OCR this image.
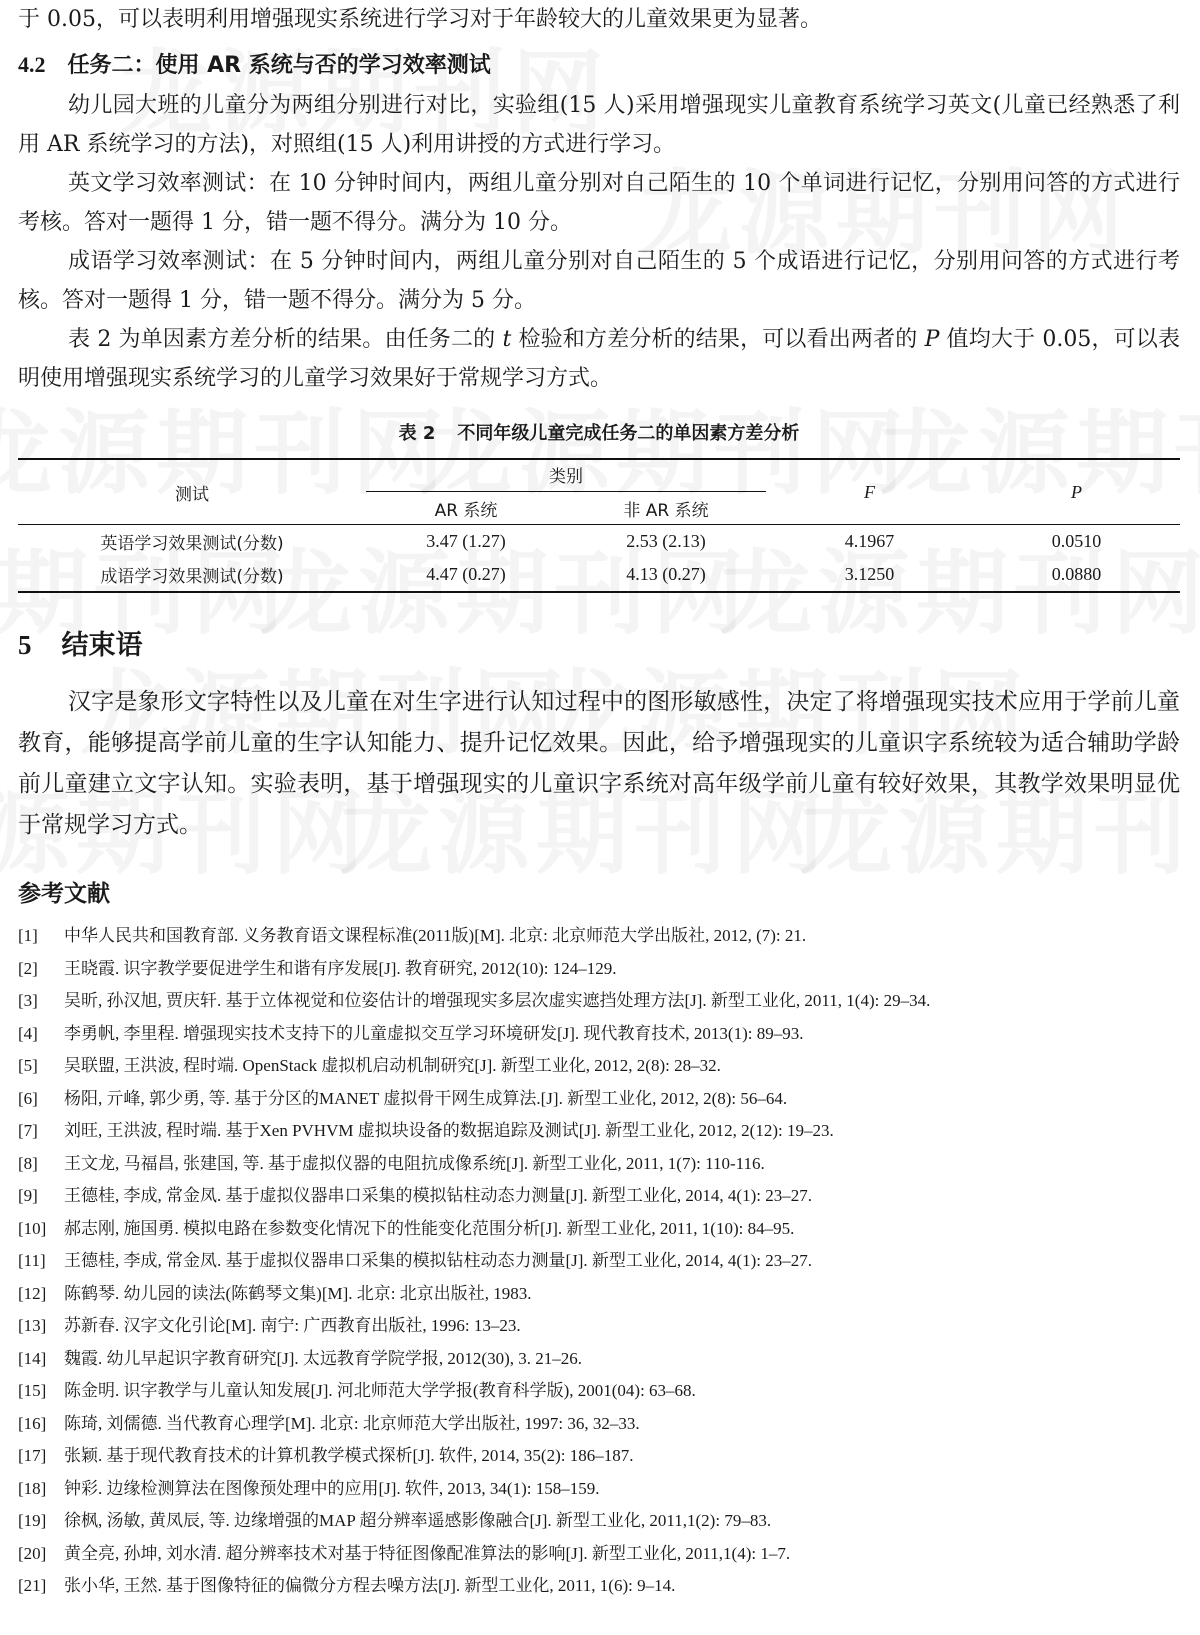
于 0.05，可以表明利用增强现实系统进行学习对于年龄较大的儿童效果更为显著。

4.2 任务二：使用 AR 系统与否的学习效率测试

幼儿园大班的儿童分为两组分别进行对比，实验组(15 人)采用增强现实儿童教育系统学习英文(儿童已经熟悉了利用 AR 系统学习的方法)，对照组(15 人)利用讲授的方式进行学习。

英文学习效率测试：在 10 分钟时间内，两组儿童分别对自己陌生的 10 个单词进行记忆，分别用问答的方式进行考核。答对一题得 1 分，错一题不得分。满分为 10 分。

成语学习效率测试：在 5 分钟时间内，两组儿童分别对自己陌生的 5 个成语进行记忆，分别用问答的方式进行考核。答对一题得 1 分，错一题不得分。满分为 5 分。

表 2 为单因素方差分析的结果。由任务二的 t 检验和方差分析的结果，可以看出两者的 P 值均大于 0.05，可以表明使用增强现实系统学习的儿童学习效果好于常规学习方式。

表 2 不同年级儿童完成任务二的单因素方差分析
测试	类别		F	P
	AR 系统	非 AR 系统		
英语学习效果测试(分数)	3.47 (1.27)	2.53 (2.13)	4.1967	0.0510
成语学习效果测试(分数)	4.47 (0.27)	4.13 (0.27)	3.1250	0.0880
5 结束语

汉字是象形文字特性以及儿童在对生字进行认知过程中的图形敏感性，决定了将增强现实技术应用于学前儿童教育，能够提高学前儿童的生字认知能力、提升记忆效果。因此，给予增强现实的儿童识字系统较为适合辅助学龄前儿童建立文字认知。实验表明，基于增强现实的儿童识字系统对高年级学前儿童有较好效果，其教学效果明显优于常规学习方式。

参考文献
[1] 中华人民共和国教育部. 义务教育语文课程标准(2011版)[M]. 北京: 北京师范大学出版社, 2012, (7): 21.
[2] 王晓霞. 识字教学要促进学生和谐有序发展[J]. 教育研究, 2012(10): 124–129.
[3] 吴昕, 孙汉旭, 贾庆轩. 基于立体视觉和位姿估计的增强现实多层次虚实遮挡处理方法[J]. 新型工业化, 2011, 1(4): 29–34.
[4] 李勇帆, 李里程. 增强现实技术支持下的儿童虚拟交互学习环境研发[J]. 现代教育技术, 2013(1): 89–93.
[5] 吴联盟, 王洪波, 程时端. OpenStack 虚拟机启动机制研究[J]. 新型工业化, 2012, 2(8): 28–32.
[6] 杨阳, 亓峰, 郭少勇, 等. 基于分区的MANET 虚拟骨干网生成算法.[J]. 新型工业化, 2012, 2(8): 56–64.
[7] 刘旺, 王洪波, 程时端. 基于Xen PVHVM 虚拟块设备的数据追踪及测试[J]. 新型工业化, 2012, 2(12): 19–23.
[8] 王文龙, 马福昌, 张建国, 等. 基于虚拟仪器的电阻抗成像系统[J]. 新型工业化, 2011, 1(7): 110-116.
[9] 王德桂, 李成, 常金凤. 基于虚拟仪器串口采集的模拟钻柱动态力测量[J]. 新型工业化, 2014, 4(1): 23–27.
[10] 郝志刚, 施国勇. 模拟电路在参数变化情况下的性能变化范围分析[J]. 新型工业化, 2011, 1(10): 84–95.
[11] 王德桂, 李成, 常金凤. 基于虚拟仪器串口采集的模拟钻柱动态力测量[J]. 新型工业化, 2014, 4(1): 23–27.
[12] 陈鹤琴. 幼儿园的读法(陈鹤琴文集)[M]. 北京: 北京出版社, 1983.
[13] 苏新春. 汉字文化引论[M]. 南宁: 广西教育出版社, 1996: 13–23.
[14] 魏霞. 幼儿早起识字教育研究[J]. 太远教育学院学报, 2012(30), 3. 21–26.
[15] 陈金明. 识字教学与儿童认知发展[J]. 河北师范大学学报(教育科学版), 2001(04): 63–68.
[16] 陈琦, 刘儒德. 当代教育心理学[M]. 北京: 北京师范大学出版社, 1997: 36, 32–33.
[17] 张颖. 基于现代教育技术的计算机教学模式探析[J]. 软件, 2014, 35(2): 186–187.
[18] 钟彩. 边缘检测算法在图像预处理中的应用[J]. 软件, 2013, 34(1): 158–159.
[19] 徐枫, 汤敏, 黄凤辰, 等. 边缘增强的MAP 超分辨率遥感影像融合[J]. 新型工业化, 2011,1(2): 79–83.
[20] 黄全亮, 孙坤, 刘水清. 超分辨率技术对基于特征图像配准算法的影响[J]. 新型工业化, 2011,1(4): 1–7.
[21] 张小华, 王然. 基于图像特征的偏微分方程去噪方法[J]. 新型工业化, 2011, 1(6): 9–14.
